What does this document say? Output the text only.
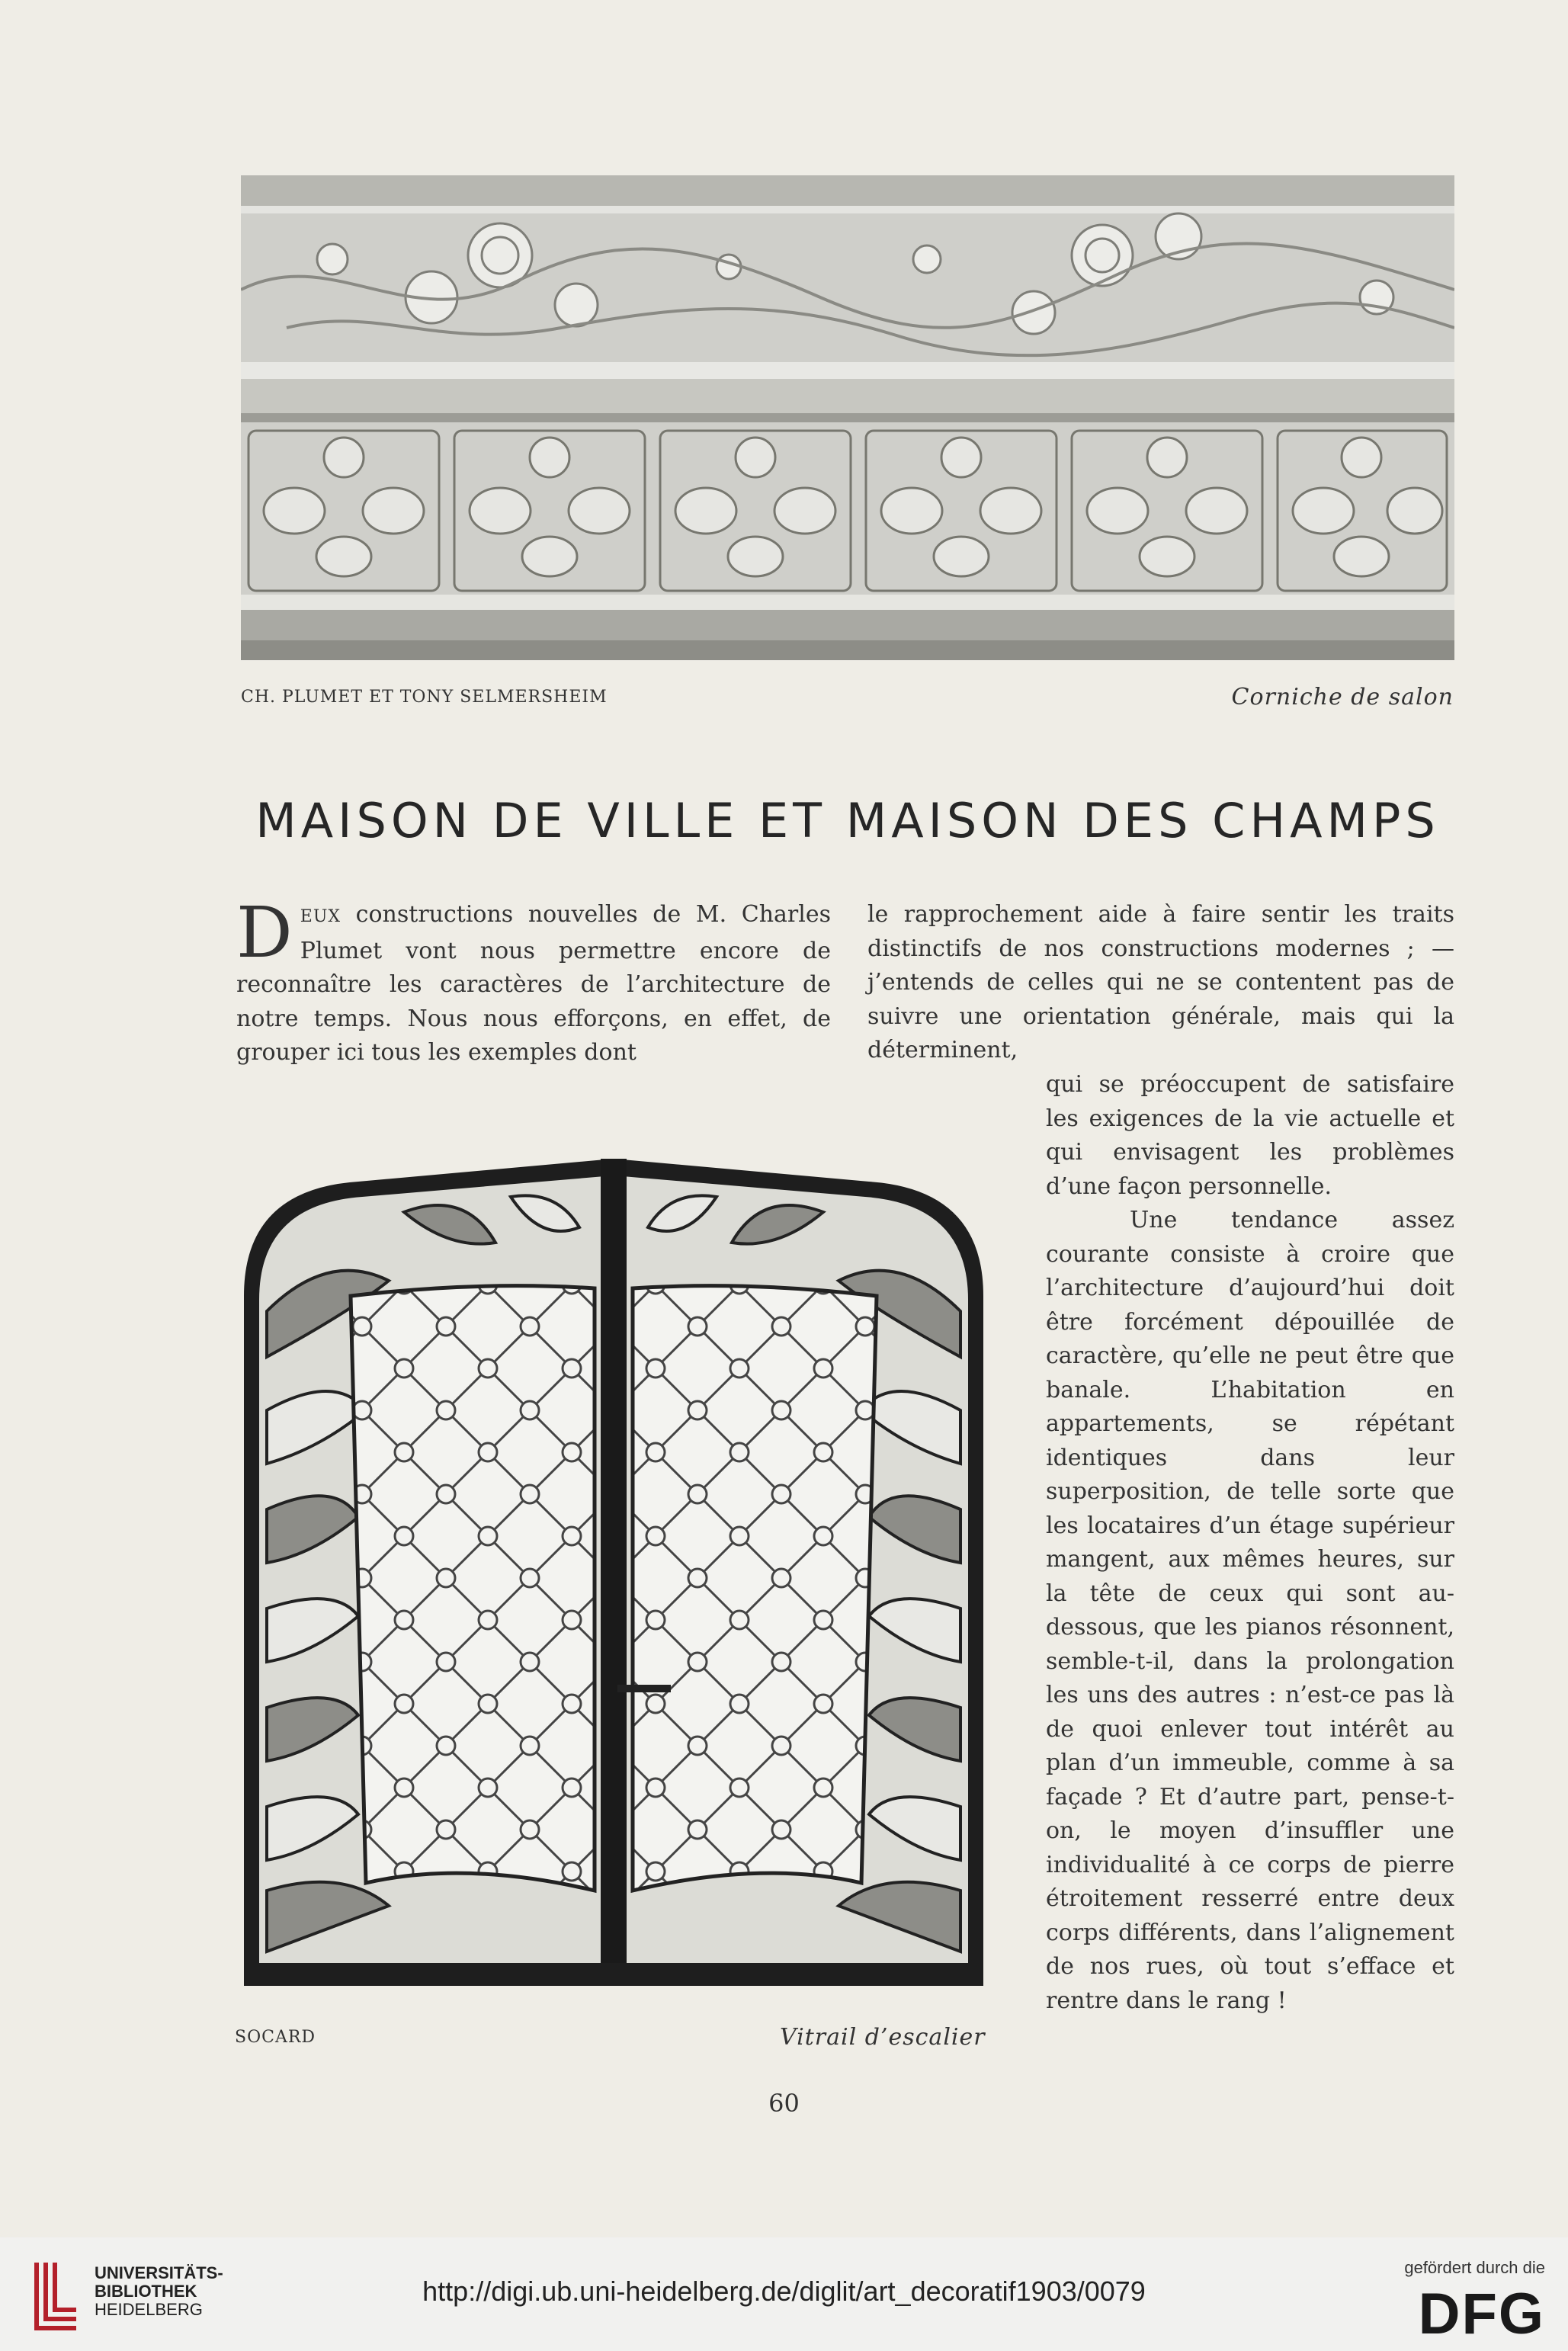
CH. PLUMET ET TONY SELMERSHEIM	Corniche de salon
MAISON DE VILLE ET MAISON DES CHAMPS

DEUX constructions nouvelles de M. Charles Plumet vont nous permettre encore de reconnaître les caractères de l’architecture de notre temps. Nous nous efforçons, en effet, de grouper ici tous les exemples dont

le rapprochement aide à faire sentir les traits distinctifs de nos constructions modernes ; — j’entends de celles qui ne se contentent pas de suivre une orientation générale, mais qui la déterminent,

qui se préoccupent de satisfaire les exigences de la vie actuelle et qui envisagent les problèmes d’une façon personnelle.

Une tendance assez courante consiste à croire que l’architecture d’aujourd’hui doit être forcément dépouillée de caractère, qu’elle ne peut être que banale. L’habitation en appartements, se répétant identiques dans leur superposition, de telle sorte que les locataires d’un étage supérieur mangent, aux mêmes heures, sur la tête de ceux qui sont au-dessous, que les pianos résonnent, semble-t-il, dans la prolongation les uns des autres : n’est-ce pas là de quoi enlever tout intérêt au plan d’un immeuble, comme à sa façade ? Et d’autre part, pense-t-on, le moyen d’insuffler une individualité à ce corps de pierre étroitement resserré entre deux corps différents, dans l’alignement de nos rues, où tout s’efface et rentre dans le rang !

SOCARD	Vitrail d’escalier
60
UNIVERSITÄTS-
BIBLIOTHEK
HEIDELBERG
http://digi.ub.uni-heidelberg.de/diglit/art_decoratif1903/0079
gefördert durch die
DFG
